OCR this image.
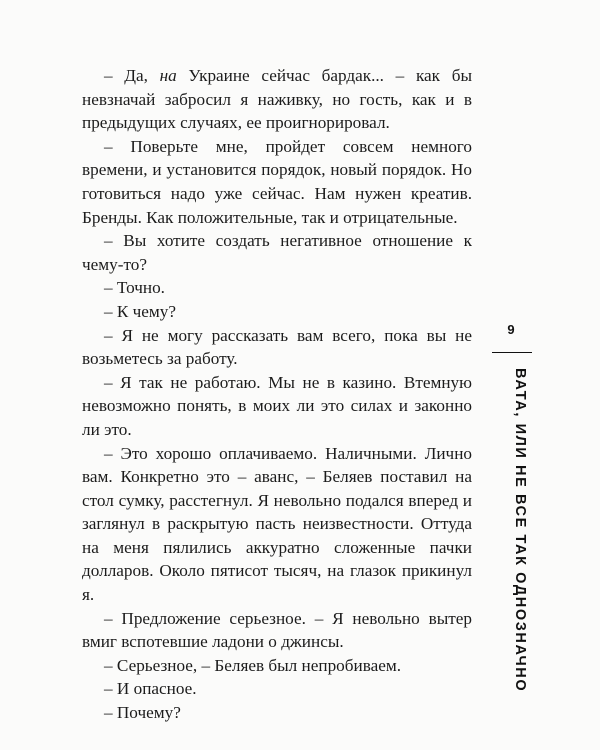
– Да, на Украине сейчас бардак... – как бы невзначай забросил я наживку, но гость, как и в предыдущих случаях, ее проигнорировал.

– Поверьте мне, пройдет совсем немного времени, и установится порядок, новый порядок. Но готовиться надо уже сейчас. Нам нужен креатив. Бренды. Как положительные, так и отрицательные.

– Вы хотите создать негативное отношение к чему-то?

– Точно.

– К чему?

– Я не могу рассказать вам всего, пока вы не возьметесь за работу.

– Я так не работаю. Мы не в казино. Втемную невозможно понять, в моих ли это силах и законно ли это.

– Это хорошо оплачиваемо. Наличными. Лично вам. Конкретно это – аванс, – Беляев поставил на стол сумку, расстегнул. Я невольно подался вперед и заглянул в раскрытую пасть неизвестности. Оттуда на меня пялились аккуратно сложенные пачки долларов. Около пятисот тысяч, на глазок прикинул я.

– Предложение серьезное. – Я невольно вытер вмиг вспотевшие ладони о джинсы.

– Серьезное, – Беляев был непробиваем.

– И опасное.

– Почему?

9
ВАТА, ИЛИ НЕ ВСЕ ТАК ОДНОЗНАЧНО
